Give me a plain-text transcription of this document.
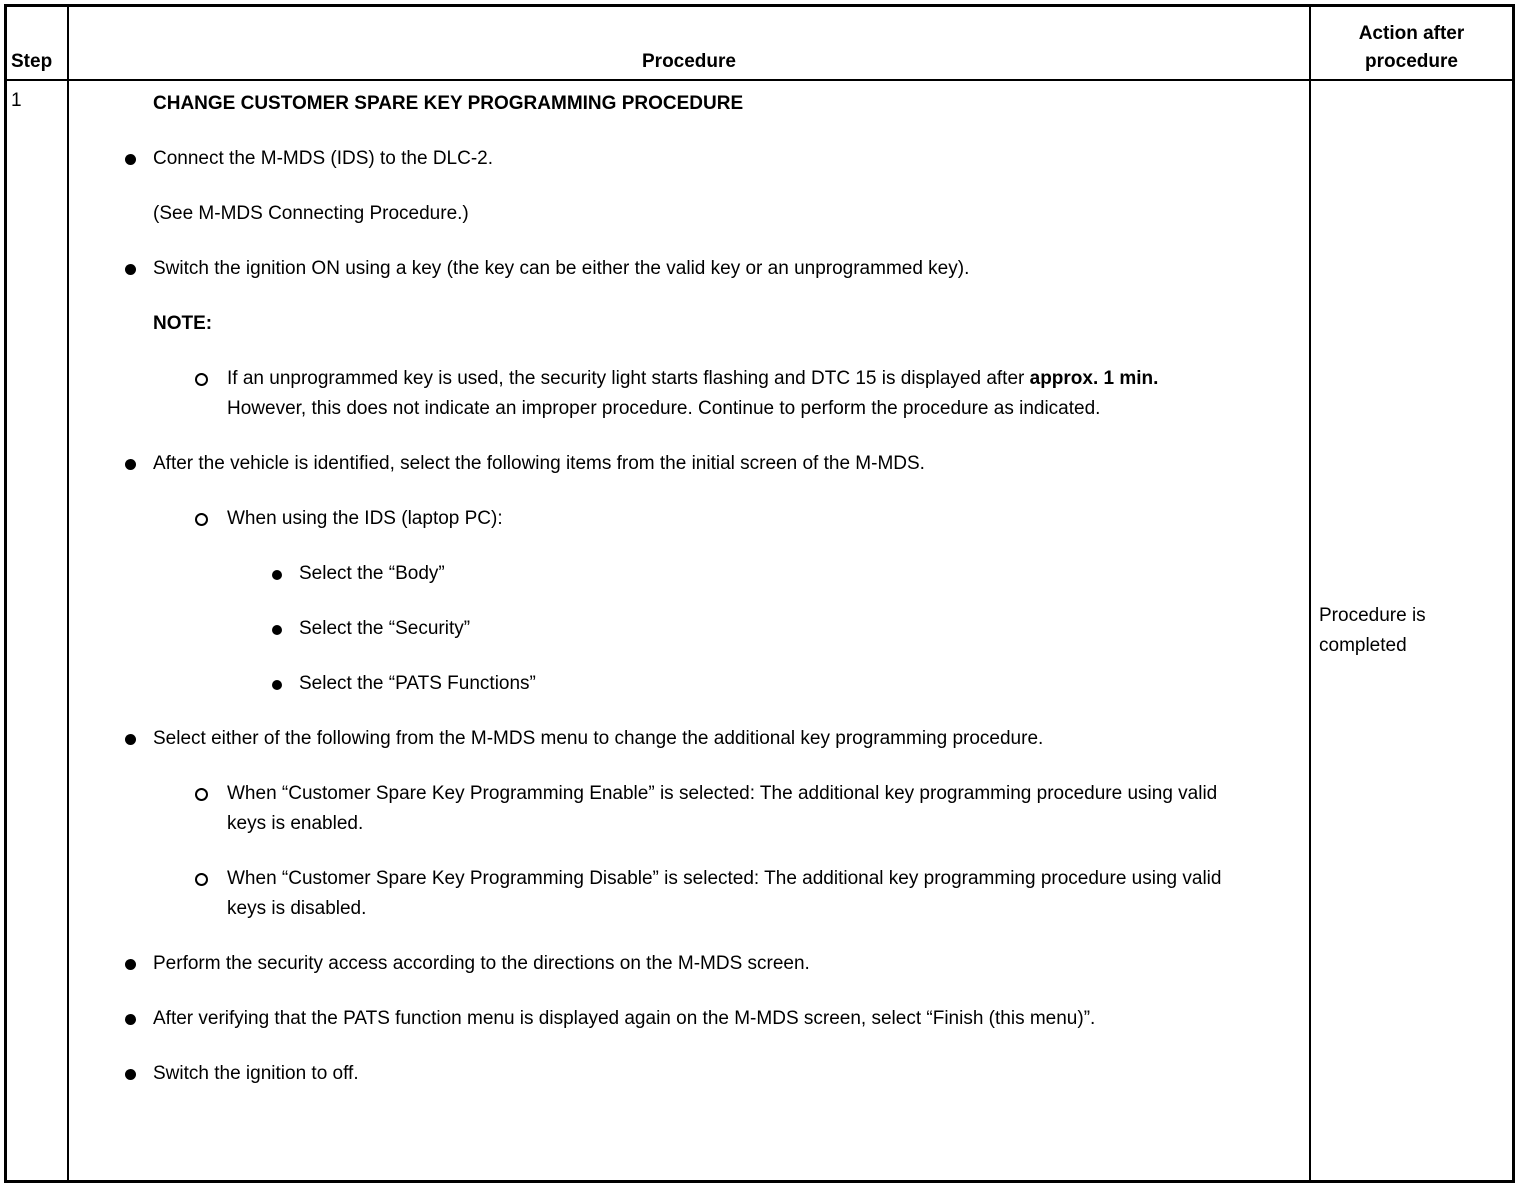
Step	Procedure
Action after procedure
1	CHANGE CUSTOMER SPARE KEY PROGRAMMING PROCEDURE
Connect the M-MDS (IDS) to the DLC-2.
(See M-MDS Connecting Procedure.)
Switch the ignition ON using a key (the key can be either the valid key or an unprogrammed key).
NOTE:
If an unprogrammed key is used, the security light starts flashing and DTC 15 is displayed after approx. 1 min. However, this does not indicate an improper procedure. Continue to perform the procedure as indicated.
After the vehicle is identified, select the following items from the initial screen of the M-MDS.
When using the IDS (laptop PC):
Select the “Body”
Select the “Security”
Select the “PATS Functions”
Select either of the following from the M-MDS menu to change the additional key programming procedure.
When “Customer Spare Key Programming Enable” is selected: The additional key programming procedure using valid keys is enabled.
When “Customer Spare Key Programming Disable” is selected: The additional key programming procedure using valid keys is disabled.
Perform the security access according to the directions on the M-MDS screen.
After verifying that the PATS function menu is displayed again on the M-MDS screen, select “Finish (this menu)”.
Switch the ignition to off.
Procedure is completed
